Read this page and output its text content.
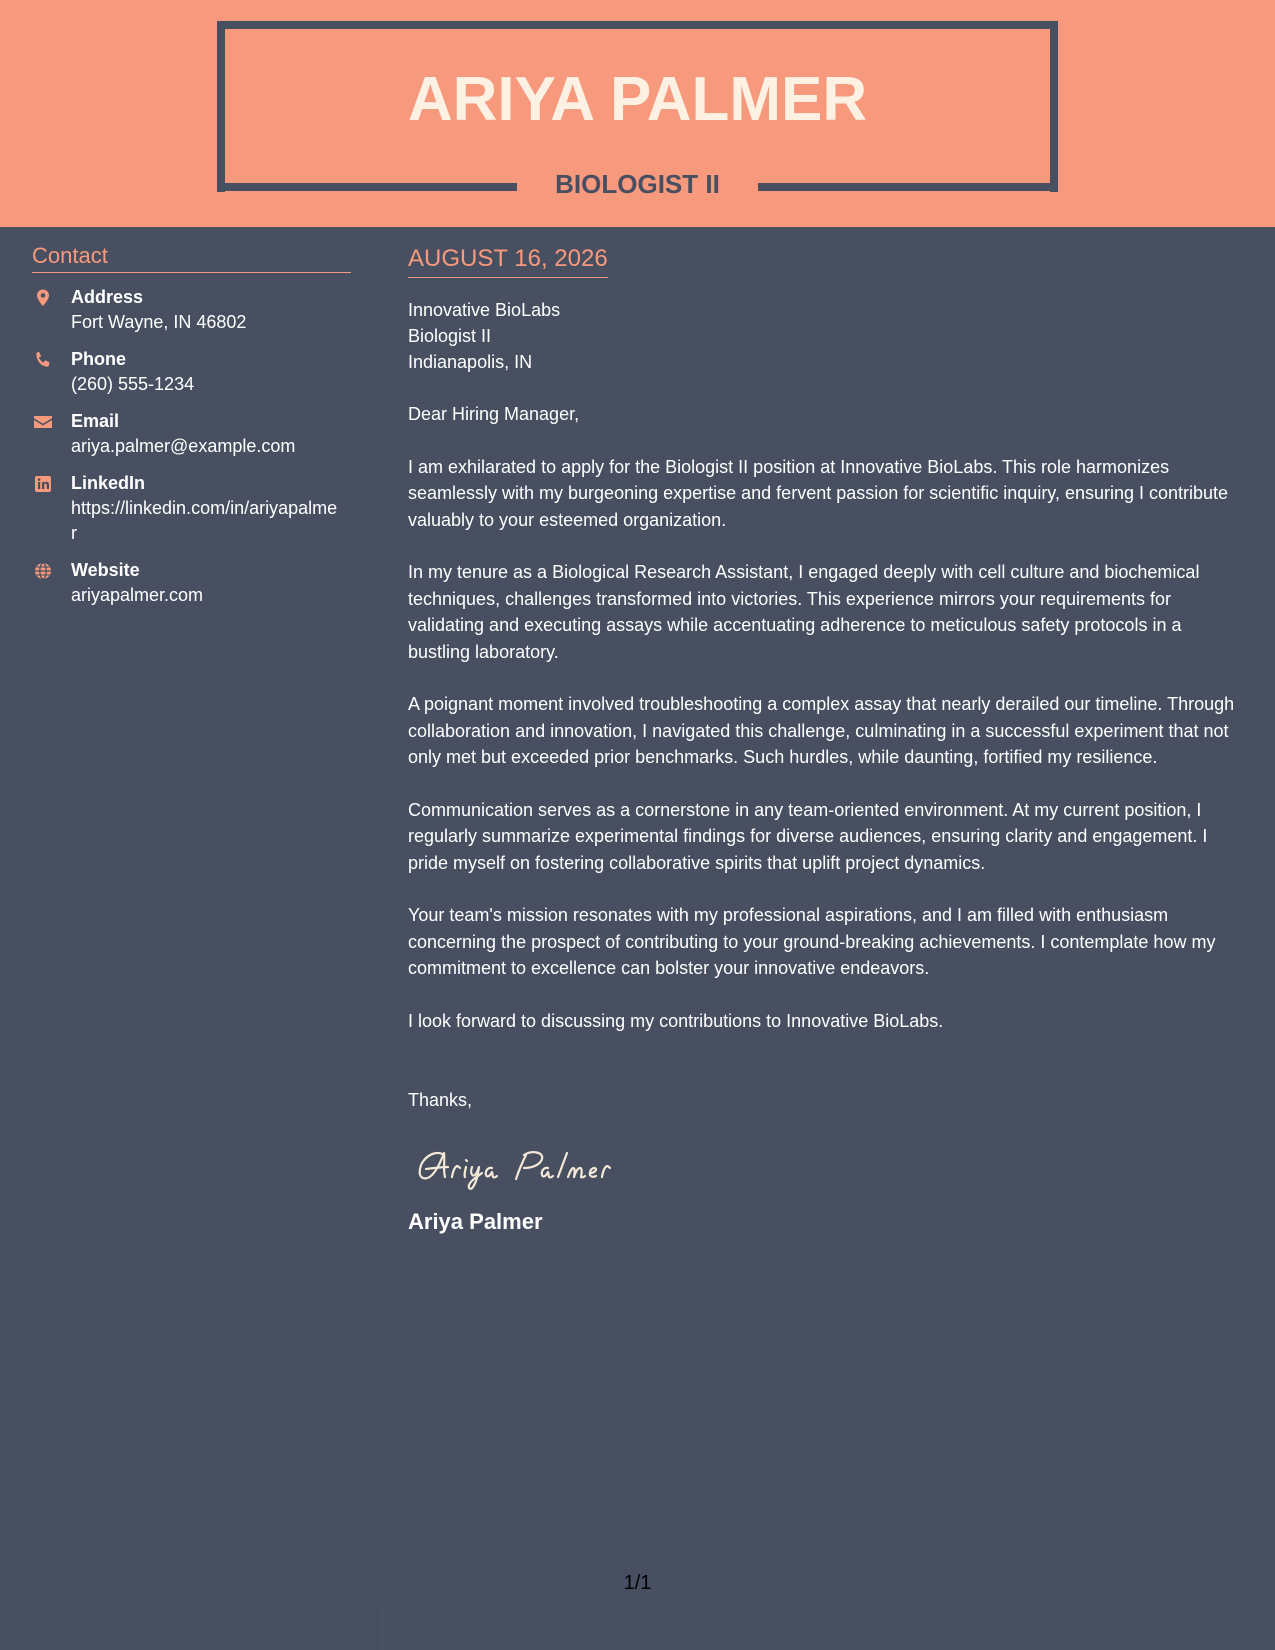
ARIYA PALMER
BIOLOGIST II
Contact
Address
Fort Wayne, IN 46802
Phone
(260) 555-1234
Email
ariya.palmer@example.com
LinkedIn
https://linkedin.com/in/ariyapalmer
Website
ariyapalmer.com
AUGUST 16, 2026
Innovative BioLabs
Biologist II
Indianapolis, IN
Dear Hiring Manager,
I am exhilarated to apply for the Biologist II position at Innovative BioLabs. This role harmonizes seamlessly with my burgeoning expertise and fervent passion for scientific inquiry, ensuring I contribute valuably to your esteemed organization.
In my tenure as a Biological Research Assistant, I engaged deeply with cell culture and biochemical techniques, challenges transformed into victories. This experience mirrors your requirements for validating and executing assays while accentuating adherence to meticulous safety protocols in a bustling laboratory.
A poignant moment involved troubleshooting a complex assay that nearly derailed our timeline. Through collaboration and innovation, I navigated this challenge, culminating in a successful experiment that not only met but exceeded prior benchmarks. Such hurdles, while daunting, fortified my resilience.
Communication serves as a cornerstone in any team-oriented environment. At my current position, I regularly summarize experimental findings for diverse audiences, ensuring clarity and engagement. I pride myself on fostering collaborative spirits that uplift project dynamics.
Your team's mission resonates with my professional aspirations, and I am filled with enthusiasm concerning the prospect of contributing to your ground-breaking achievements. I contemplate how my commitment to excellence can bolster your innovative endeavors.
I look forward to discussing my contributions to Innovative BioLabs.
Thanks,
Ariya Palmer
1/1
